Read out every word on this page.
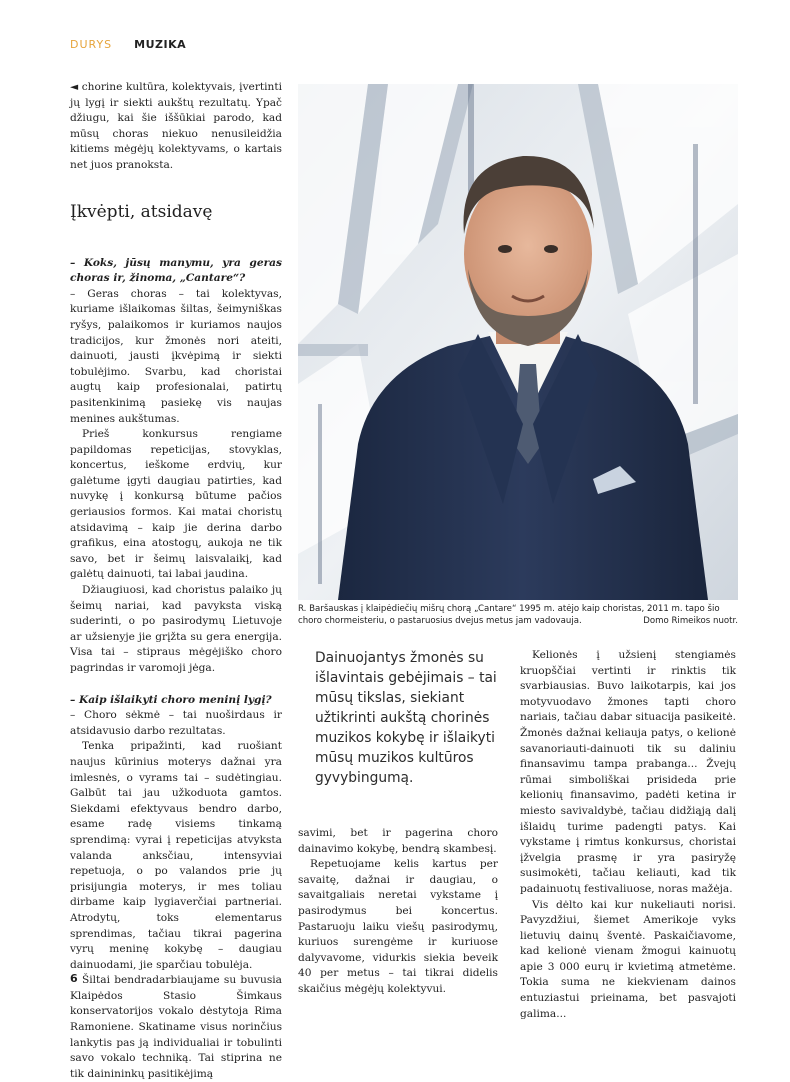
DURYS MUZIKA

◄ chorine kultūra, kolektyvais, įvertinti jų lygį ir siekti aukštų rezultatų. Ypač džiugu, kai šie iššūkiai parodo, kad mūsų choras niekuo nenusileidžia kitiems mėgėjų kolektyvams, o kartais net juos pranoksta.

Įkvėpti, atsidavę

– Koks, jūsų manymu, yra geras choras ir, žinoma, „Cantare“?

– Geras choras – tai kolektyvas, kuriame išlaikomas šiltas, šeimyniškas ryšys, palaikomos ir kuriamos naujos tradicijos, kur žmonės nori ateiti, dainuoti, jausti įkvėpimą ir siekti tobulėjimo. Svarbu, kad choristai augtų kaip profesionalai, patirtų pasitenkinimą pasiekę vis naujas menines aukštumas.

Prieš konkursus rengiame papildomas repeticijas, stovyklas, koncertus, ieškome erdvių, kur galėtume įgyti daugiau patirties, kad nuvykę į konkursą būtume pačios geriausios formos. Kai matai choristų atsidavimą – kaip jie derina darbo grafikus, eina atostogų, aukoja ne tik savo, bet ir šeimų laisvalaikį, kad galėtų dainuoti, tai labai jaudina.

Džiaugiuosi, kad choristus palaiko jų šeimų nariai, kad pavyksta viską suderinti, o po pasirodymų Lietuvoje ar užsienyje jie grįžta su gera energija. Visa tai – stipraus mėgėjiško choro pagrindas ir varomoji jėga.

– Kaip išlaikyti choro meninį lygį?

– Choro sėkmė – tai nuoširdaus ir atsidavusio darbo rezultatas.

Tenka pripažinti, kad ruošiant naujus kūrinius moterys dažnai yra imlesnės, o vyrams tai – sudėtingiau. Galbūt tai jau užkoduota gamtos. Siekdami efektyvaus bendro darbo, esame radę visiems tinkamą sprendimą: vyrai į repeticijas atvyksta valanda anksčiau, intensyviai repetuoja, o po valandos prie jų prisijungia moterys, ir mes toliau dirbame kaip lygiaverčiai partneriai. Atrodytų, toks elementarus sprendimas, tačiau tikrai pagerina vyrų meninę kokybę – daugiau dainuodami, jie sparčiau tobulėja.

Šiltai bendradarbiaujame su buvusia Klaipėdos Stasio Šimkaus konservatorijos vokalo dėstytoja Rima Ramoniene. Skatiname visus norinčius lankytis pas ją individualiai ir tobulinti savo vokalo techniką. Tai stiprina ne tik dainininkų pasitikėjimą

R. Baršauskas į klaipėdiečių mišrų chorą „Cantare“ 1995 m. atėjo kaip choristas, 2011 m. tapo šio choro chormeisteriu, o pastaruosius dvejus metus jam vadovauja.	Domo Rimeikos nuotr.
Dainuojantys žmonės su išlavintais gebėjimais – tai mūsų tikslas, siekiant užtikrinti aukštą chorinės muzikos kokybę ir išlaikyti mūsų muzikos kultūros gyvybingumą.

savimi, bet ir pagerina choro dainavimo kokybę, bendrą skambesį.

Repetuojame kelis kartus per savaitę, dažnai ir daugiau, o savaitgaliais neretai vykstame į pasirodymus bei koncertus. Pastaruoju laiku viešų pasirodymų, kuriuos surengėme ir kuriuose dalyvavome, vidurkis siekia beveik 40 per metus – tai tikrai didelis skaičius mėgėjų kolektyvui.

Kelionės į užsienį stengiamės kruopščiai vertinti ir rinktis tik svarbiausias. Buvo laikotarpis, kai jos motyvuodavo žmones tapti choro nariais, tačiau dabar situacija pasikeitė. Žmonės dažnai keliauja patys, o kelionė savanoriauti-dainuoti tik su daliniu finansavimu tampa prabanga... Žvejų rūmai simboliškai prisideda prie kelionių finansavimo, padėti ketina ir miesto savivaldybė, tačiau didžiąją dalį išlaidų turime padengti patys. Kai vykstame į rimtus konkursus, choristai įžvelgia prasmę ir yra pasiryžę susimokėti, tačiau keliauti, kad tik padainuotų festivaliuose, noras mažėja.

Vis dėlto kai kur nukeliauti norisi. Pavyzdžiui, šiemet Amerikoje vyks lietuvių dainų šventė. Paskaičiavome, kad kelionė vienam žmogui kainuotų apie 3 000 eurų ir kvietimą atmetėme. Tokia suma ne kiekvienam dainos entuziastui prieinama, bet pasvajoti galima...

6
